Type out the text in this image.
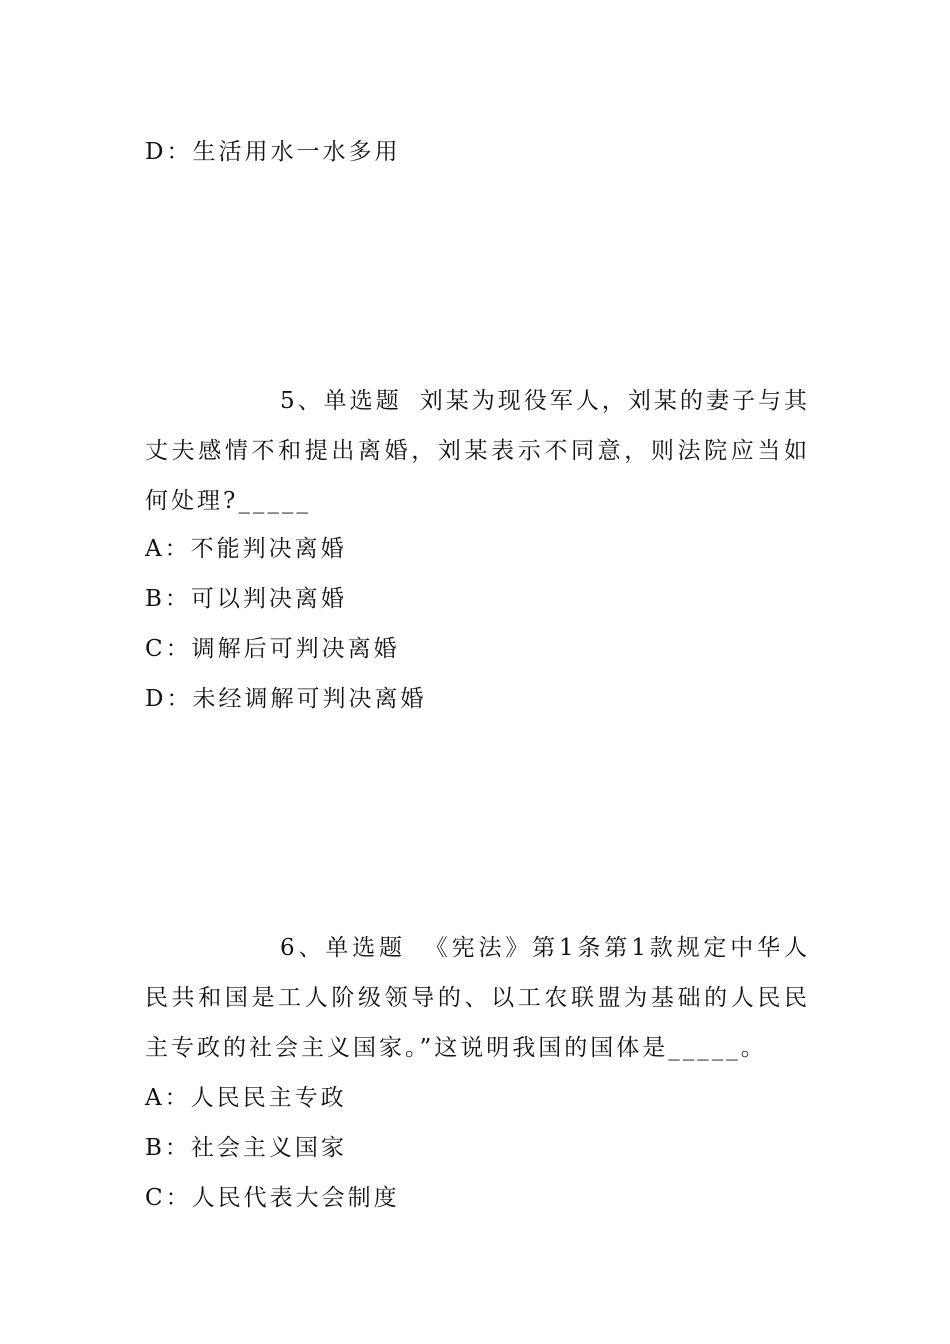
D：生活用水一水多用
5、单选题 刘某为现役军人，刘某的妻子与其丈夫感情不和提出离婚，刘某表示不同意，则法院应当如何处理?_____
A：不能判决离婚
B：可以判决离婚
C：调解后可判决离婚
D：未经调解可判决离婚
6、单选题 《宪法》第1条第1款规定中华人民共和国是工人阶级领导的、以工农联盟为基础的人民民主专政的社会主义国家。”这说明我国的国体是_____。
A：人民民主专政
B：社会主义国家
C：人民代表大会制度
